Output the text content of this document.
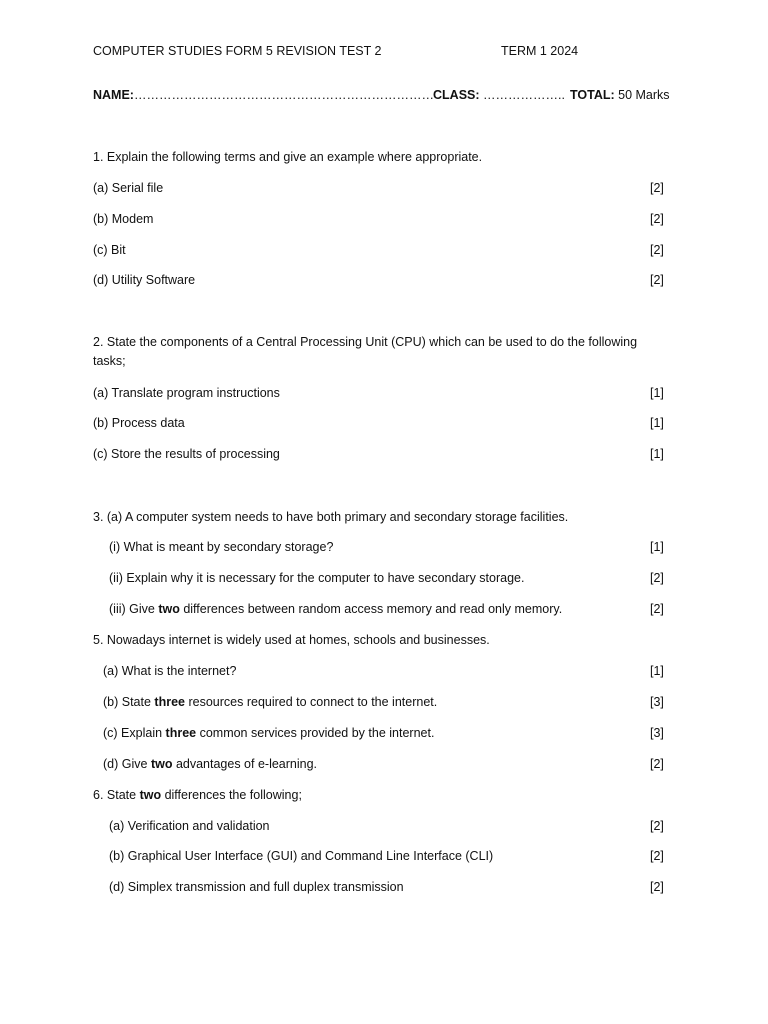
COMPUTER STUDIES FORM 5 REVISION TEST 2	TERM 1 2024
NAME:……………………………………………………………… CLASS: ……………….. TOTAL: 50 Marks
1. Explain the following terms and give an example where appropriate.
(a) Serial file	[2]
(b) Modem	[2]
(c) Bit	[2]
(d) Utility Software	[2]
2. State the components of a Central Processing Unit (CPU) which can be used to do the following
tasks;
(a) Translate program instructions	[1]
(b) Process data	[1]
(c) Store the results of processing	[1]
3. (a) A computer system needs to have both primary and secondary storage facilities.
(i) What is meant by secondary storage?	[1]
(ii) Explain why it is necessary for the computer to have secondary storage.	[2]
(iii) Give two differences between random access memory and read only memory.	[2]
5. Nowadays internet is widely used at homes, schools and businesses.
(a) What is the internet?	[1]
(b) State three resources required to connect to the internet.	[3]
(c) Explain three common services provided by the internet.	[3]
(d) Give two advantages of e-learning.	[2]
6. State two differences the following;
(a) Verification and validation	[2]
(b) Graphical User Interface (GUI) and Command Line Interface (CLI)	[2]
(d) Simplex transmission and full duplex transmission	[2]
